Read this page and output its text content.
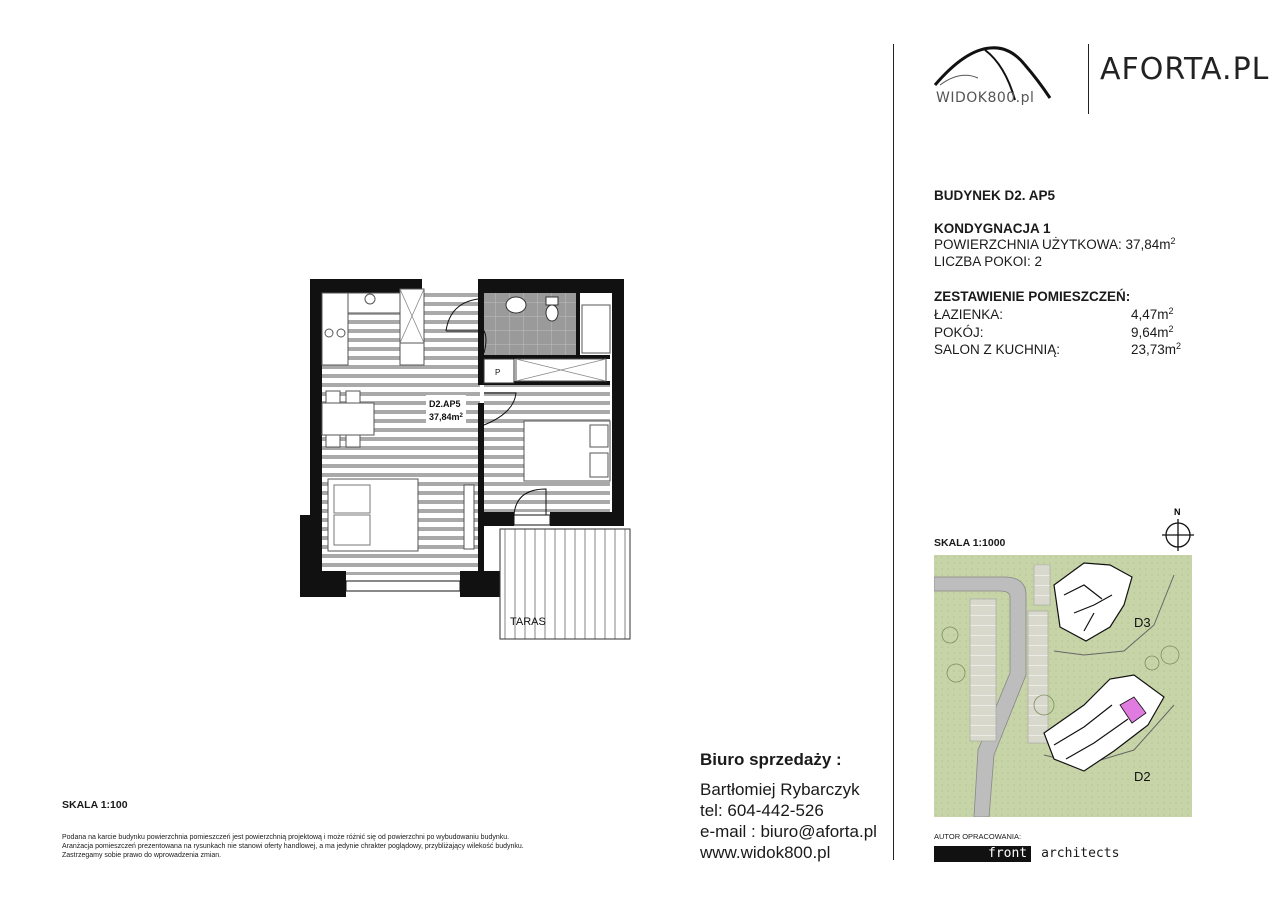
WIDOK800.pl
AFORTA.PL
BUDYNEK D2. AP5
KONDYGNACJA 1
POWIERZCHNIA UŻYTKOWA: $37,84m^2$
LICZBA POKOI: 2
ZESTAWIENIE POMIESZCZEŃ:
ŁAZIENKA:	$4,47m^2$
POKÓJ:	$9,64m^2$
SALON Z KUCHNIĄ:	$23,73m^2$
D2.AP5
$37,84m^2$
P
TARAS
SKALA 1:1000
N
D3
D2
SKALA 1:100
Podana na karcie budynku powierzchnia pomieszczeń jest powierzchnią projektową i może różnić się od powierzchni po wybudowaniu budynku.
Aranżacja pomieszczeń prezentowana na rysunkach nie stanowi oferty handlowej, a ma jedynie chrakter poglądowy, przybliżający wilekość budynku.
Zastrzegamy sobie prawo do wprowadzenia zmian.
Biuro sprzedaży :
Bartłomiej Rybarczyk
tel: 604-442-526
e-mail : biuro@aforta.pl
www.widok800.pl
AUTOR OPRACOWANIA:
front	architects
